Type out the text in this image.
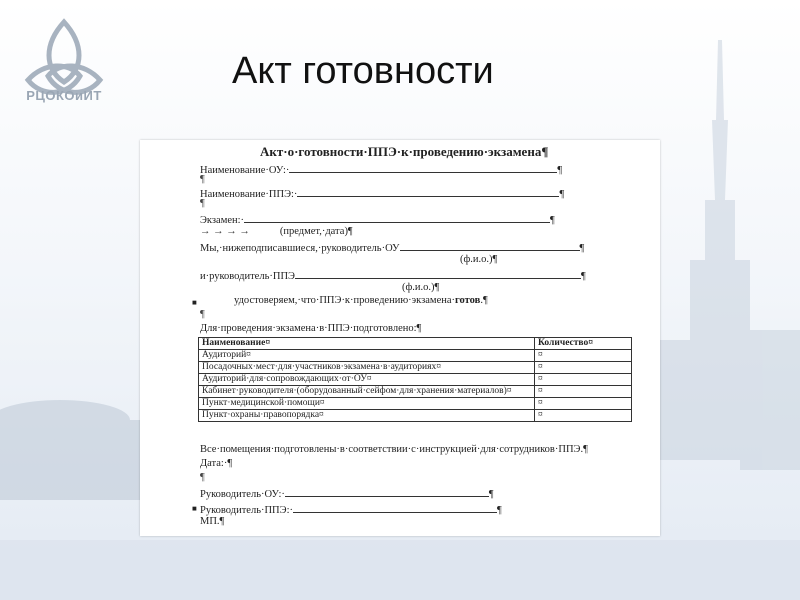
РЦОКОиИТ
Акт готовности
Акт·о·готовности·ППЭ·к·проведению·экзамена¶
Наименование·ОУ:·	¶
¶
Наименование·ППЭ:·	¶
¶
Экзамен:·	¶
→ → → →	(предмет,·дата)¶
Мы,·нижеподписавшиеся,·руководитель·ОУ	¶
(ф.и.о.)¶
и·руководитель·ППЭ	¶
(ф.и.о.)¶
■	удостоверяем,·что·ППЭ·к·проведению·экзамена·готов.¶
¶
Для·проведения·экзамена·в·ППЭ·подготовлено:¶
Наименование¤	Количество¤
Аудиторий¤	¤
Посадочных·мест·для·участников·экзамена·в·аудиториях¤	¤
Аудиторий·для·сопровождающих·от·ОУ¤	¤
Кабинет·руководителя·(оборудованный·сейфом·для·хранения·материалов)¤	¤
Пункт·медицинской·помощи¤	¤
Пункт·охраны·правопорядка¤	¤
Все·помещения·подготовлены·в·соответствии·с·инструкцией·для·сотрудников·ППЭ.¶
Дата:·¶
¶
Руководитель·ОУ:·	¶
■ Руководитель·ППЭ:·	¶
МП.¶
